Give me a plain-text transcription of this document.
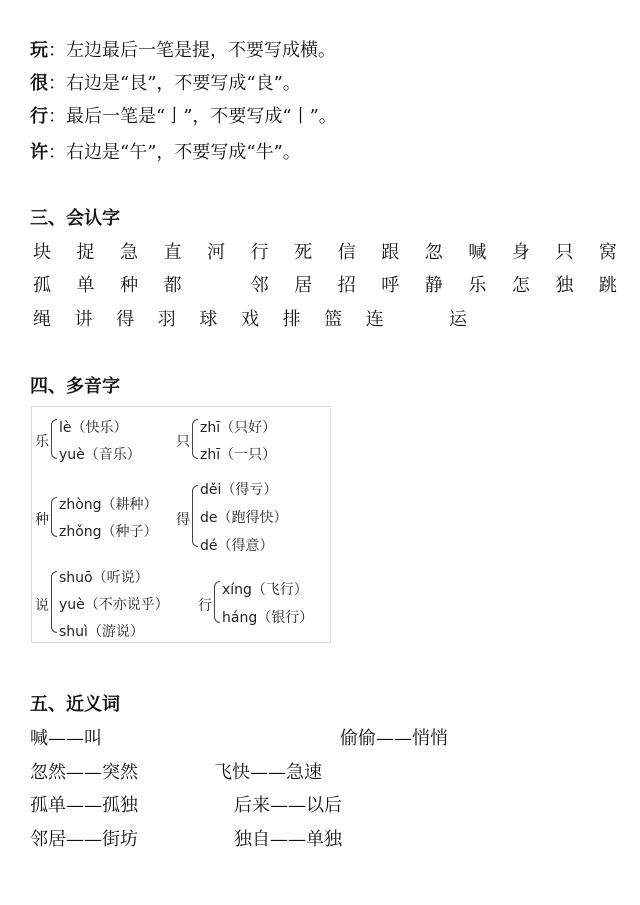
玩：左边最后一笔是提，不要写成横。
很：右边是“艮”，不要写成“良”。
行：最后一笔是“亅”，不要写成“丨”。
许：右边是“午”，不要写成“牛”。
三、会认字
块 捉 急 直 河 行 死 信 跟 忽 喊 身 只 窝
孤 单 种 都	邻 居 招 呼 静 乐 怎 独 跳
绳 讲 得 羽 球 戏 排 篮 连	运
四、多音字
乐
lè（快乐）
yuè（音乐）
只
zhī（只好）
zhī（一只）
种
zhòng（耕种）
zhǒng（种子）
得
děi（得亏）
de（跑得快）
dé（得意）
说
shuō（听说）
yuè（不亦说乎）
shuì（游说）
行
xíng（飞行）
háng（银行）
五、近义词
喊——叫	偷偷——悄悄
忽然——突然	飞快——急速
孤单——孤独	后来——以后
邻居——街坊	独自——单独
